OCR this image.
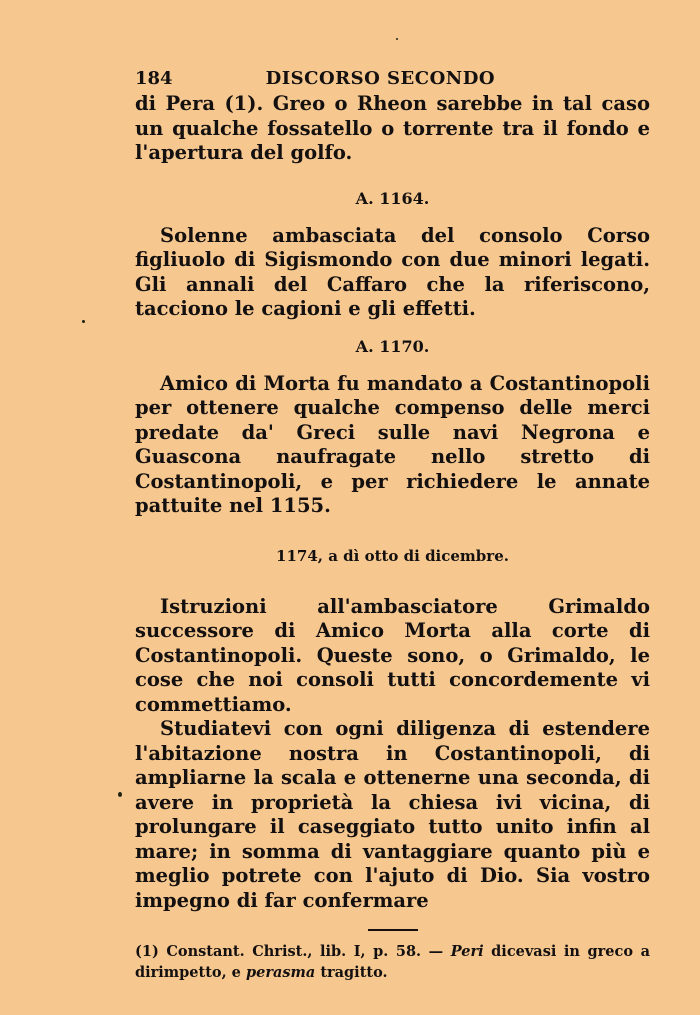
184	DISCORSO SECONDO

di Pera (1). Greo o Rheon sarebbe in tal caso un qualche fossatello o torrente tra il fondo e l'apertura del golfo.

A. 1164.

Solenne ambasciata del consolo Corso figliuolo di Sigismondo con due minori legati. Gli annali del Caffaro che la riferiscono, tacciono le cagioni e gli effetti.

A. 1170.

Amico di Morta fu mandato a Costantinopoli per ottenere qualche compenso delle merci predate da' Greci sulle navi Negrona e Guascona naufragate nello stretto di Costantinopoli, e per richiedere le annate pattuite nel 1155.

1174, a dì otto di dicembre.

Istruzioni all'ambasciatore Grimaldo successore di Amico Morta alla corte di Costantinopoli. Queste sono, o Grimaldo, le cose che noi consoli tutti concordemente vi commettiamo.

Studiatevi con ogni diligenza di estendere l'abitazione nostra in Costantinopoli, di ampliarne la scala e ottenerne una seconda, di avere in proprietà la chiesa ivi vicina, di prolungare il caseggiato tutto unito infin al mare; in somma di vantaggiare quanto più e meglio potrete con l'ajuto di Dio. Sia vostro impegno di far confermare

(1) Constant. Christ., lib. I, p. 58. — Peri dicevasi in greco a dirimpetto, e perasma tragitto.
